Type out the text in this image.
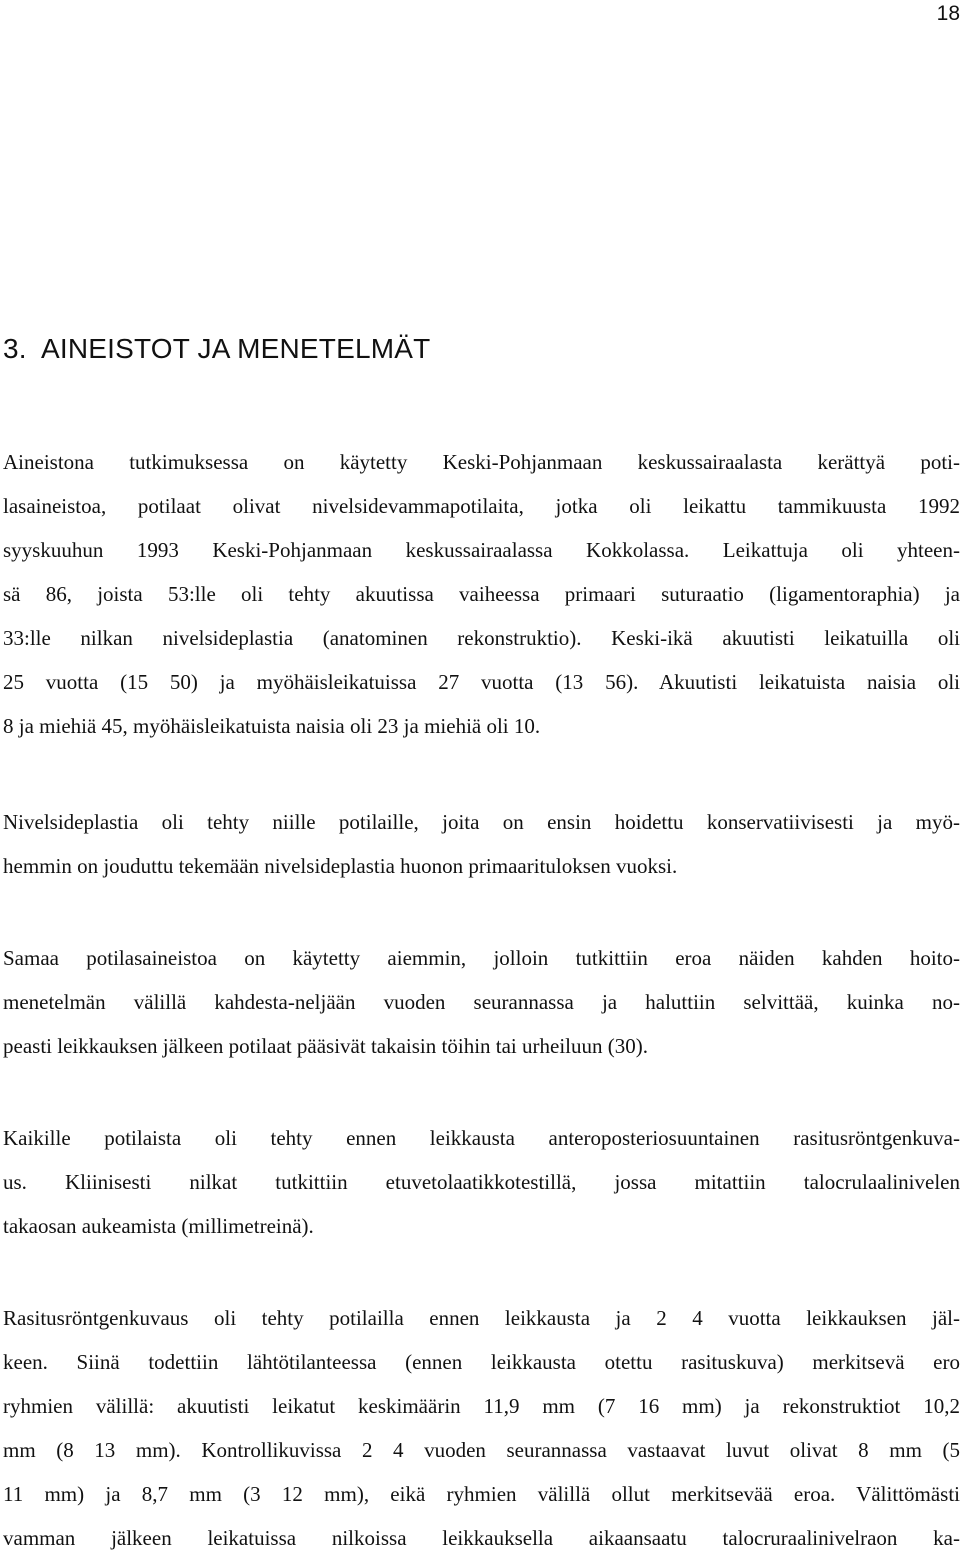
18
3. AINEISTOT JA MENETELMÄT
Aineistona tutkimuksessa on käytetty Keski-Pohjanmaan keskussairaalasta kerättyä poti-
lasaineistoa, potilaat olivat nivelsidevammapotilaita, jotka oli leikattu tammikuusta 1992
syyskuuhun 1993 Keski-Pohjanmaan keskussairaalassa Kokkolassa. Leikattuja oli yhteen-
sä 86, joista 53:lle oli tehty akuutissa vaiheessa primaari suturaatio (ligamentoraphia) ja
33:lle nilkan nivelsideplastia (anatominen rekonstruktio). Keski-ikä akuutisti leikatuilla oli
25 vuotta (15 50) ja myöhäisleikatuissa 27 vuotta (13 56). Akuutisti leikatuista naisia oli
8 ja miehiä 45, myöhäisleikatuista naisia oli 23 ja miehiä oli 10.
Nivelsideplastia oli tehty niille potilaille, joita on ensin hoidettu konservatiivisesti ja myö-
hemmin on jouduttu tekemään nivelsideplastia huonon primaarituloksen vuoksi.
Samaa potilasaineistoa on käytetty aiemmin, jolloin tutkittiin eroa näiden kahden hoito-
menetelmän välillä kahdesta-neljään vuoden seurannassa ja haluttiin selvittää, kuinka no-
peasti leikkauksen jälkeen potilaat pääsivät takaisin töihin tai urheiluun (30).
Kaikille potilaista oli tehty ennen leikkausta anteroposteriosuuntainen rasitusröntgenkuva-
us. Kliinisesti nilkat tutkittiin etuvetolaatikkotestillä, jossa mitattiin talocrulaalinivelen
takaosan aukeamista (millimetreinä).
Rasitusröntgenkuvaus oli tehty potilailla ennen leikkausta ja 2 4 vuotta leikkauksen jäl-
keen. Siinä todettiin lähtötilanteessa (ennen leikkausta otettu rasituskuva) merkitsevä ero
ryhmien välillä: akuutisti leikatut keskimäärin 11,9 mm (7 16 mm) ja rekonstruktiot 10,2
mm (8 13 mm). Kontrollikuvissa 2 4 vuoden seurannassa vastaavat luvut olivat 8 mm (5
11 mm) ja 8,7 mm (3 12 mm), eikä ryhmien välillä ollut merkitsevää eroa. Välittömästi
vamman jälkeen leikatuissa nilkoissa leikkauksella aikaansaatu talocruraalinivelraon ka-
